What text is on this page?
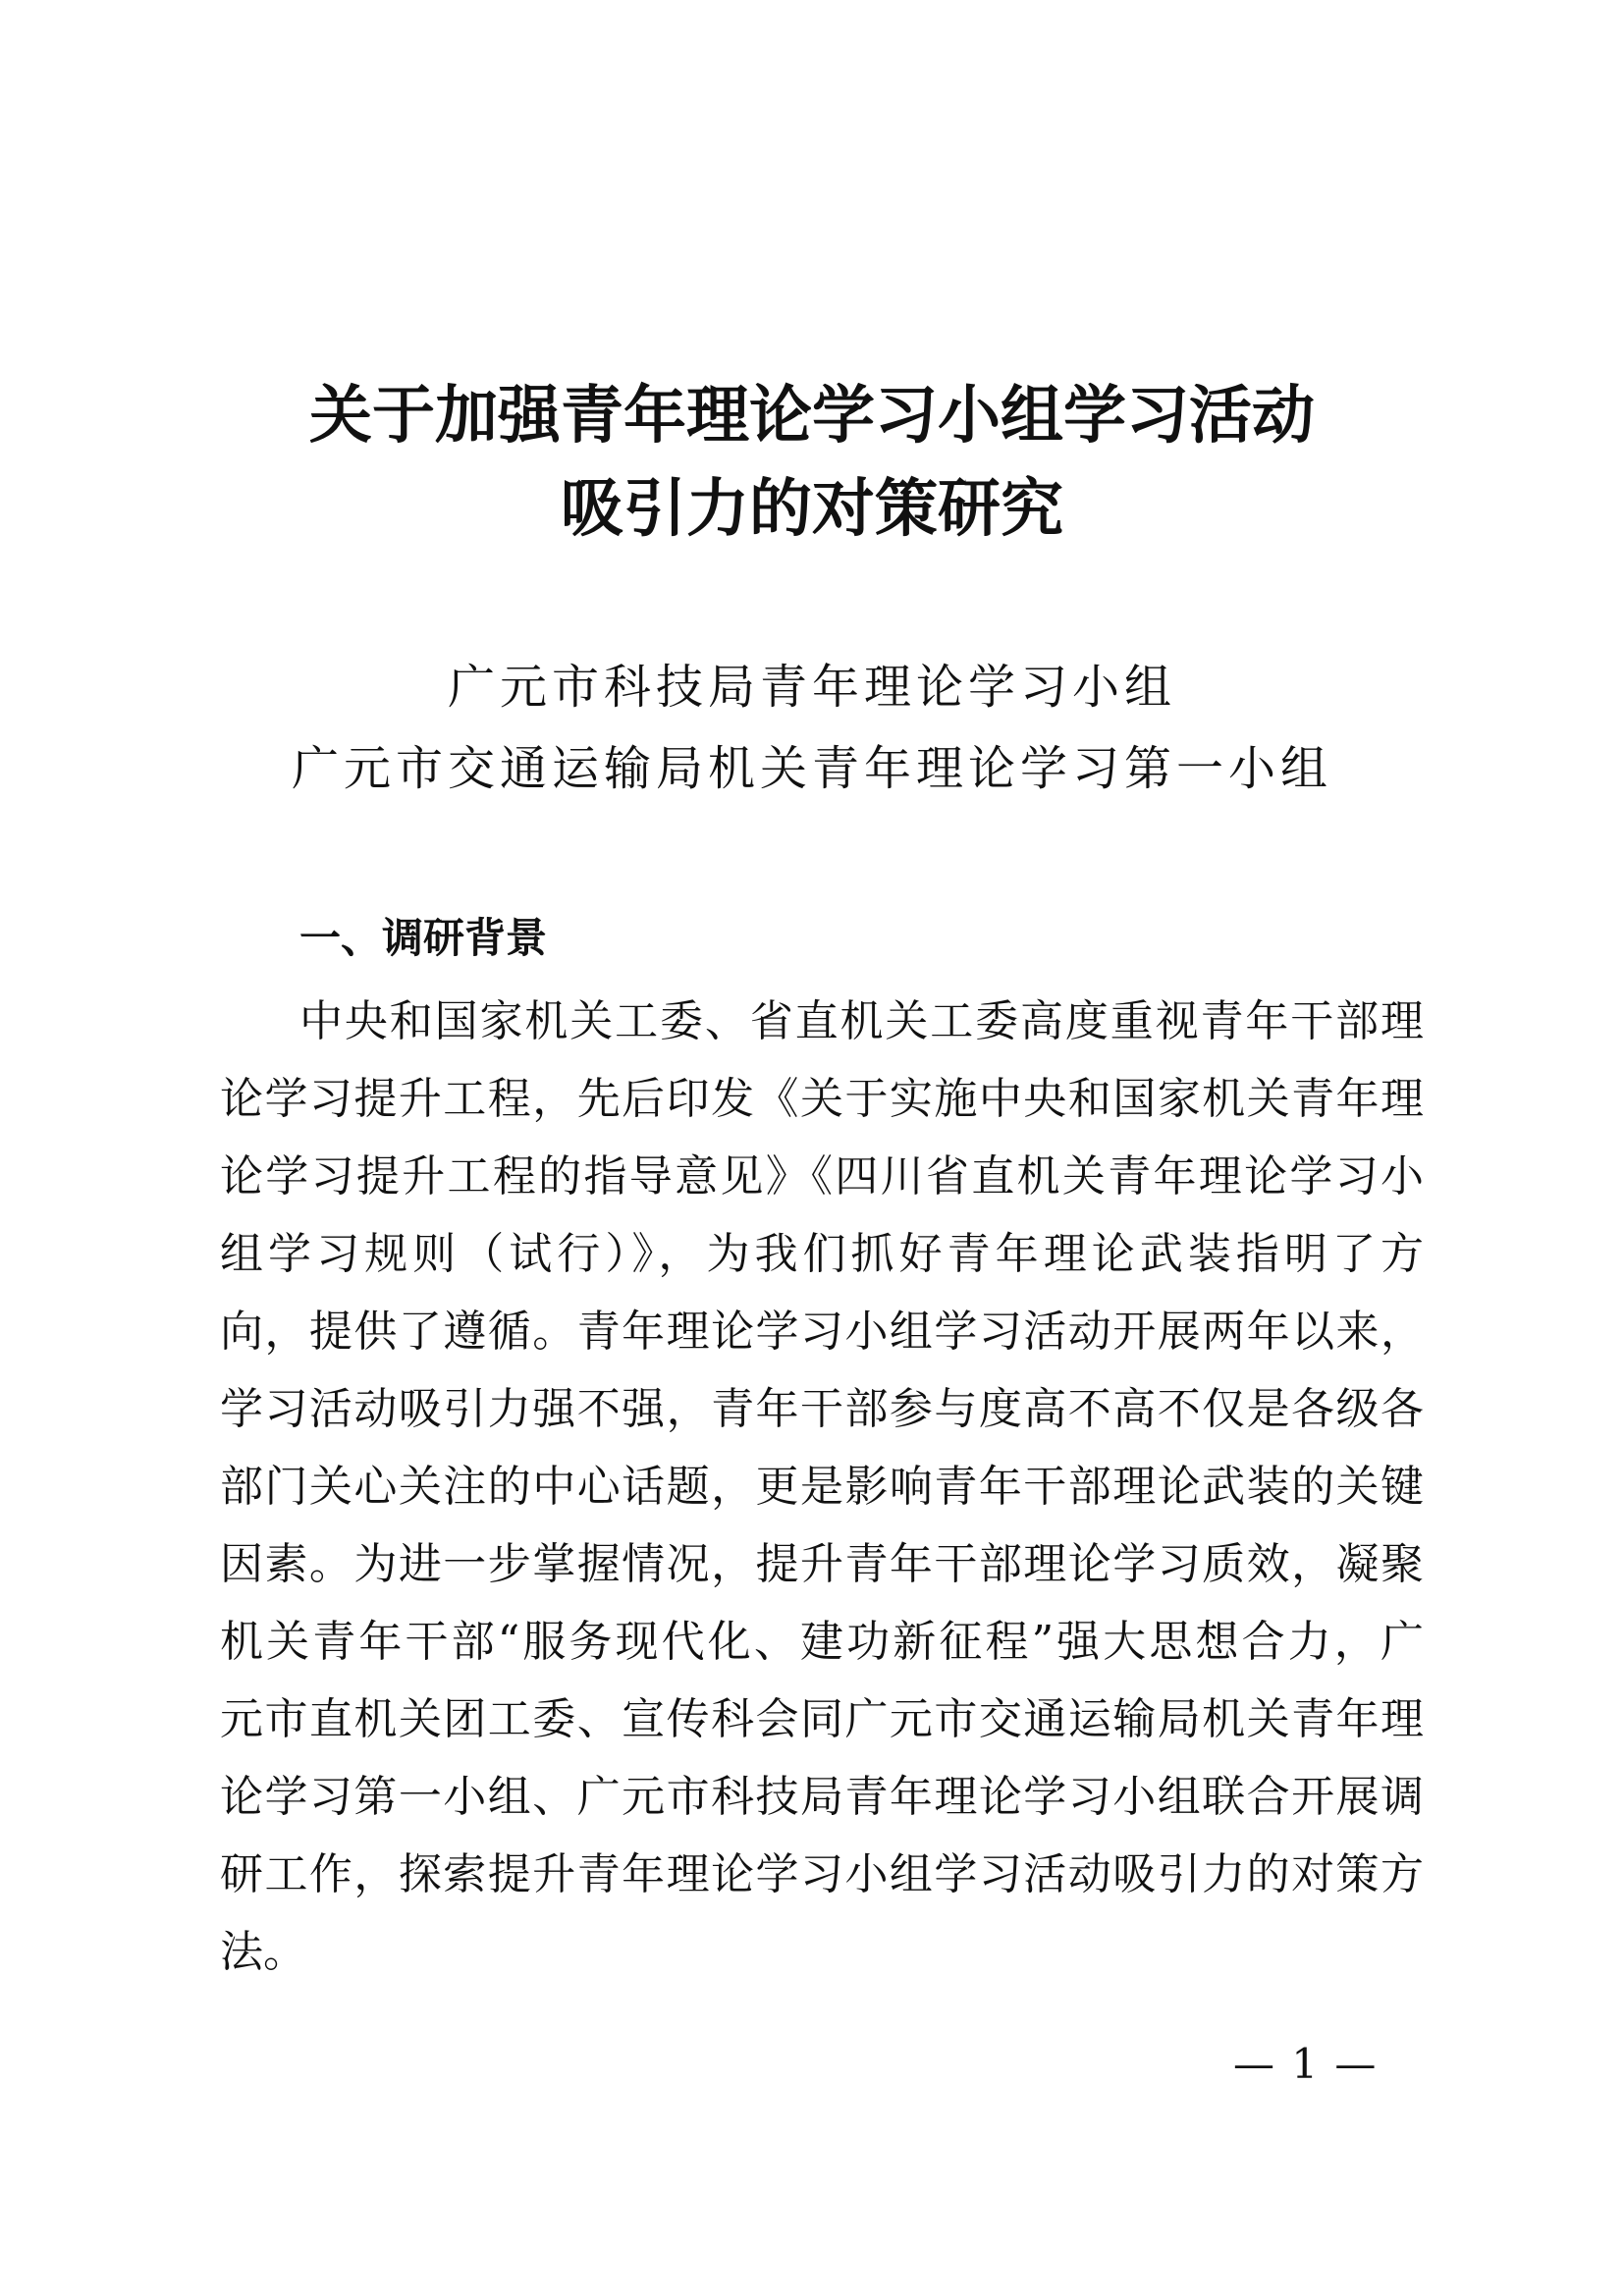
关于加强青年理论学习小组学习活动
吸引力的对策研究
广元市科技局青年理论学习小组
广元市交通运输局机关青年理论学习第一小组
一、调研背景
中央和国家机关工委、省直机关工委高度重视青年干部理
论学习提升工程，先后印发《关于实施中央和国家机关青年理
论学习提升工程的指导意见》《四川省直机关青年理论学习小
组学习规则（试行）》，为我们抓好青年理论武装指明了方
向，提供了遵循。青年理论学习小组学习活动开展两年以来，
学习活动吸引力强不强，青年干部参与度高不高不仅是各级各
部门关心关注的中心话题，更是影响青年干部理论武装的关键
因素。为进一步掌握情况，提升青年干部理论学习质效，凝聚
机关青年干部“服务现代化、建功新征程”强大思想合力，广
元市直机关团工委、宣传科会同广元市交通运输局机关青年理
论学习第一小组、广元市科技局青年理论学习小组联合开展调
研工作，探索提升青年理论学习小组学习活动吸引力的对策方
法。
— 1 —
